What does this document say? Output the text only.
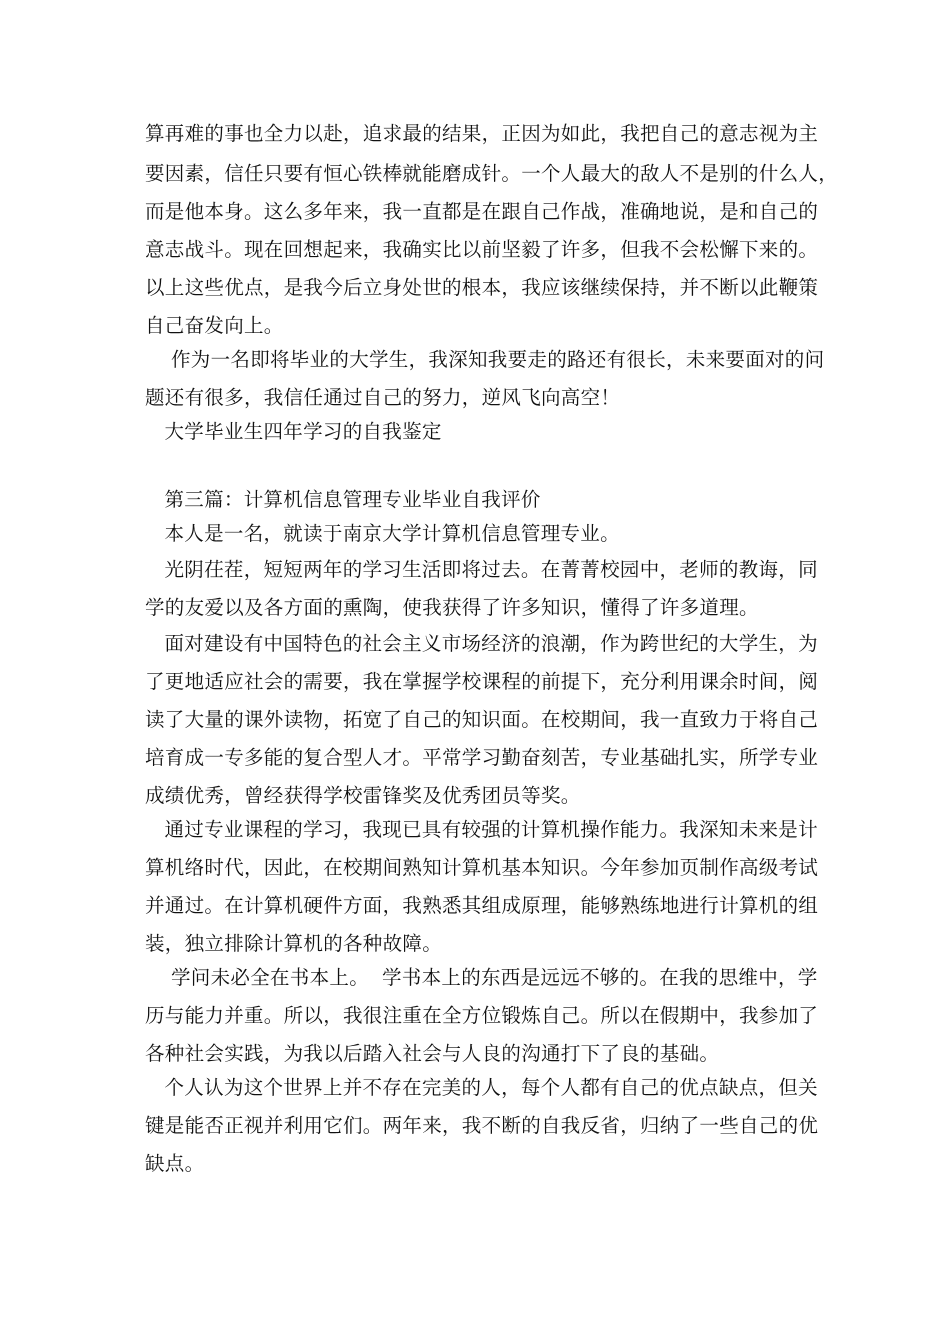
算再难的事也全力以赴，追求最的结果，正因为如此，我把自己的意志视为主
要因素，信任只要有恒心铁棒就能磨成针。一个人最大的敌人不是别的什么人，
而是他本身。这么多年来，我一直都是在跟自己作战，准确地说，是和自己的
意志战斗。现在回想起来，我确实比以前坚毅了许多，但我不会松懈下来的。
以上这些优点，是我今后立身处世的根本，我应该继续保持，并不断以此鞭策
自己奋发向上。
作为一名即将毕业的大学生，我深知我要走的路还有很长，未来要面对的问
题还有很多，我信任通过自己的努力，逆风飞向高空！
大学毕业生四年学习的自我鉴定
第三篇：计算机信息管理专业毕业自我评价
本人是一名，就读于南京大学计算机信息管理专业。
光阴茌茬，短短两年的学习生活即将过去。在菁菁校园中，老师的教诲，同
学的友爱以及各方面的熏陶，使我获得了许多知识，懂得了许多道理。
面对建设有中国特色的社会主义市场经济的浪潮，作为跨世纪的大学生，为
了更地适应社会的需要，我在掌握学校课程的前提下，充分利用课余时间，阅
读了大量的课外读物，拓宽了自己的知识面。在校期间，我一直致力于将自己
培育成一专多能的复合型人才。平常学习勤奋刻苦，专业基础扎实，所学专业
成绩优秀，曾经获得学校雷锋奖及优秀团员等奖。
通过专业课程的学习，我现已具有较强的计算机操作能力。我深知未来是计
算机络时代，因此，在校期间熟知计算机基本知识。今年参加页制作高级考试
并通过。在计算机硬件方面，我熟悉其组成原理，能够熟练地进行计算机的组
装，独立排除计算机的各种故障。
学问未必全在书本上。  学书本上的东西是远远不够的。在我的思维中，学
历与能力并重。所以，我很注重在全方位锻炼自己。所以在假期中，我参加了
各种社会实践，为我以后踏入社会与人良的沟通打下了良的基础。
个人认为这个世界上并不存在完美的人，每个人都有自己的优点缺点，但关
键是能否正视并利用它们。两年来，我不断的自我反省，归纳了一些自己的优
缺点。
